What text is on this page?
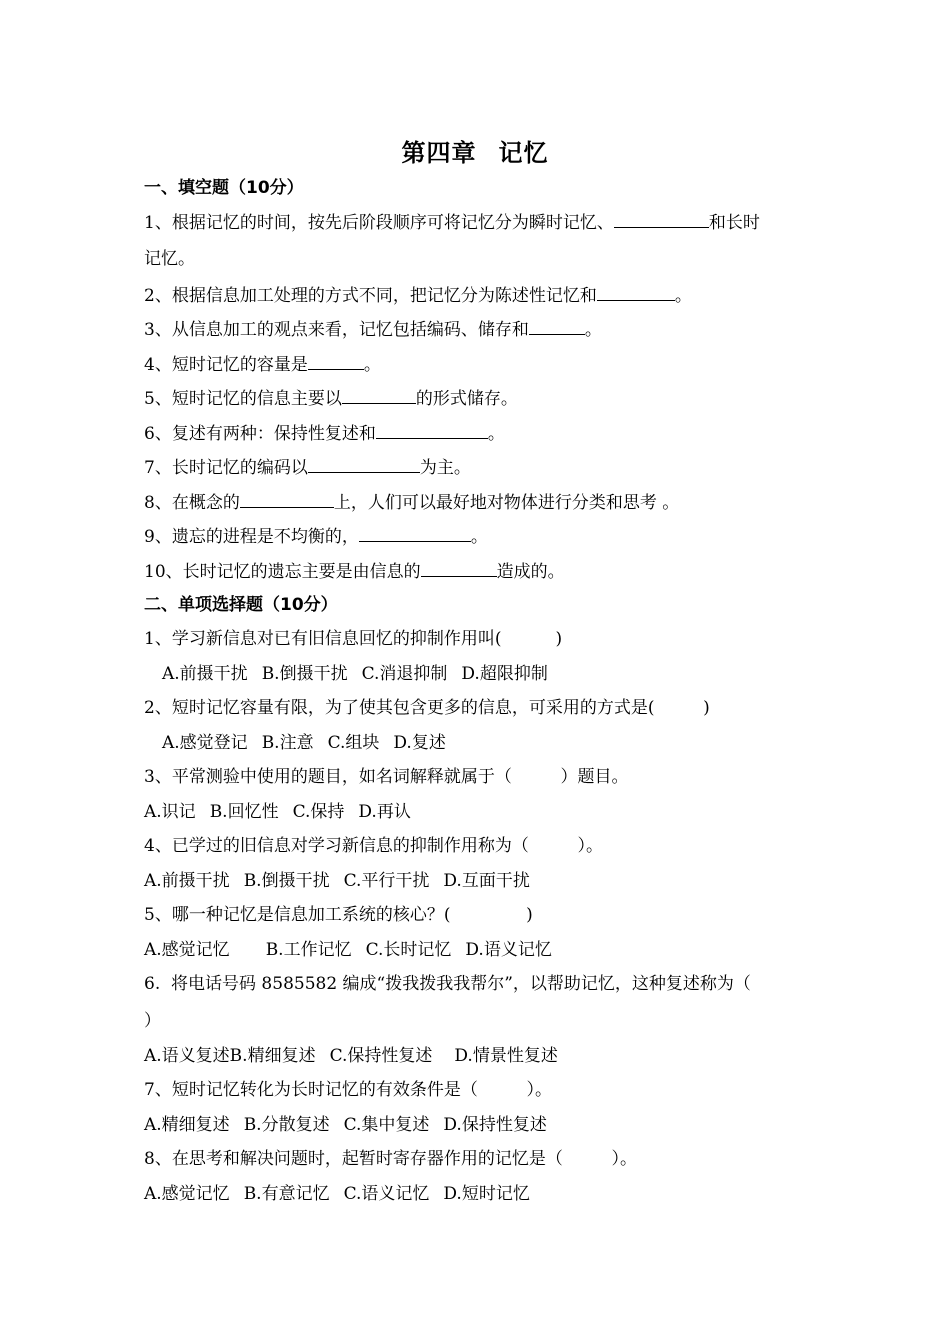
第四章 记忆
一、填空题（10分）
1、根据记忆的时间，按先后阶段顺序可将记忆分为瞬时记忆、	和长时
记忆。
2、根据信息加工处理的方式不同，把记忆分为陈述性记忆和	。
3、从信息加工的观点来看，记忆包括编码、储存和	。
4、短时记忆的容量是	。
5、短时记忆的信息主要以	的形式储存。
6、复述有两种：保持性复述和	。
7、长时记忆的编码以	为主。
8、在概念的	上，人们可以最好地对物体进行分类和思考 。
9、遗忘的进程是不均衡的，	。
10、长时记忆的遗忘主要是由信息的	造成的。
二、单项选择题（10分）
1、学习新信息对已有旧信息回忆的抑制作用叫(          )
A.前摄干扰 B.倒摄干扰 C.消退抑制 D.超限抑制
2、短时记忆容量有限，为了使其包含更多的信息，可采用的方式是(         )
A.感觉登记 B.注意 C.组块 D.复述
3、平常测验中使用的题目，如名词解释就属于（         ）题目。
A.识记 B.回忆性 C.保持 D.再认
4、已学过的旧信息对学习新信息的抑制作用称为（         ）。
A.前摄干扰 B.倒摄干扰 C.平行干扰 D.互面干扰
5、哪一种记忆是信息加工系统的核心？(              )
A.感觉记忆 B.工作记忆 C.长时记忆 D.语义记忆
6.  将电话号码 8585582 编成“拨我拨我我帮尔”，以帮助记忆，这种复述称为（
）
A.语义复述B.精细复述 C.保持性复述 D.情景性复述
7、短时记忆转化为长时记忆的有效条件是（         ）。
A.精细复述 B.分散复述 C.集中复述 D.保持性复述
8、在思考和解决问题时，起暂时寄存器作用的记忆是（         ）。
A.感觉记忆 B.有意记忆 C.语义记忆 D.短时记忆
